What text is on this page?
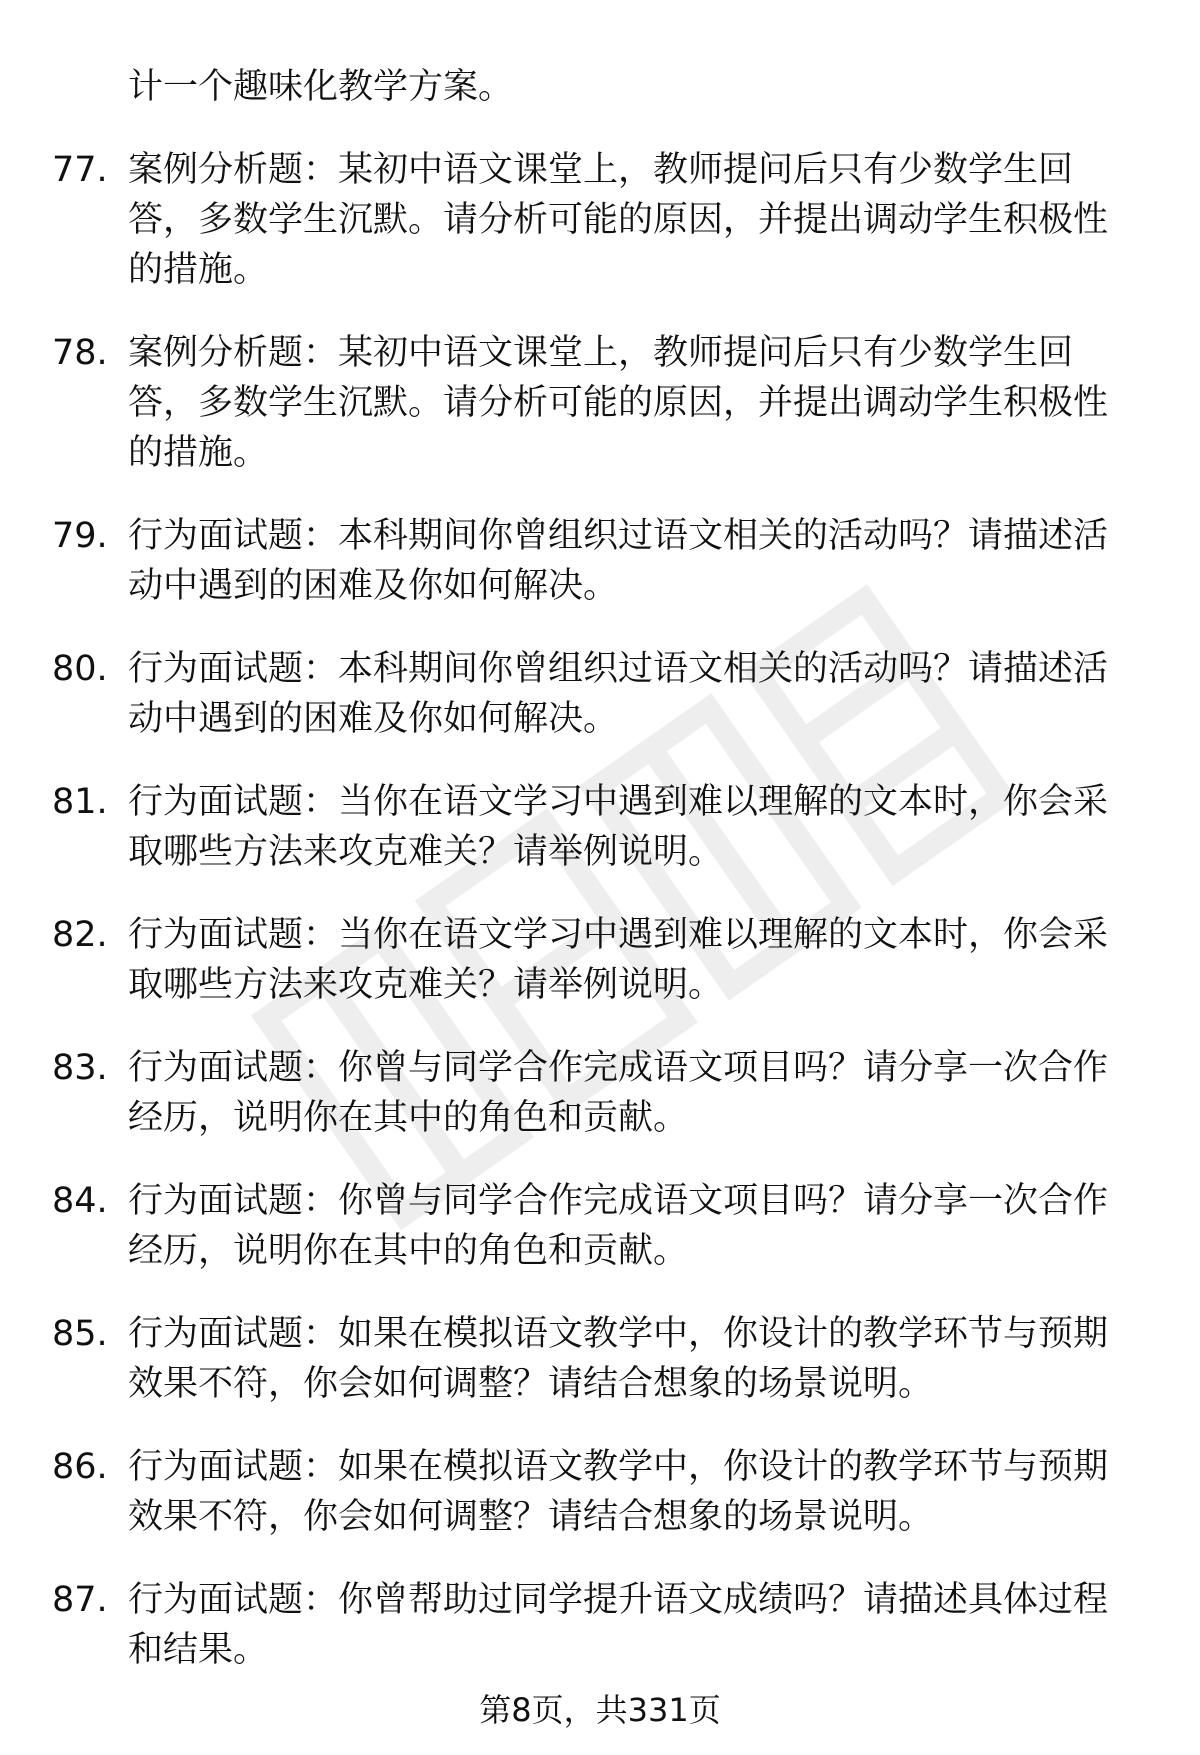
计一个趣味化教学方案。
77. 案例分析题：某初中语文课堂上，教师提问后只有少数学生回答，多数学生沉默。请分析可能的原因，并提出调动学生积极性的措施。
78. 案例分析题：某初中语文课堂上，教师提问后只有少数学生回答，多数学生沉默。请分析可能的原因，并提出调动学生积极性的措施。
79. 行为面试题：本科期间你曾组织过语文相关的活动吗？请描述活动中遇到的困难及你如何解决。
80. 行为面试题：本科期间你曾组织过语文相关的活动吗？请描述活动中遇到的困难及你如何解决。
81. 行为面试题：当你在语文学习中遇到难以理解的文本时，你会采取哪些方法来攻克难关？请举例说明。
82. 行为面试题：当你在语文学习中遇到难以理解的文本时，你会采取哪些方法来攻克难关？请举例说明。
83. 行为面试题：你曾与同学合作完成语文项目吗？请分享一次合作经历，说明你在其中的角色和贡献。
84. 行为面试题：你曾与同学合作完成语文项目吗？请分享一次合作经历，说明你在其中的角色和贡献。
85. 行为面试题：如果在模拟语文教学中，你设计的教学环节与预期效果不符，你会如何调整？请结合想象的场景说明。
86. 行为面试题：如果在模拟语文教学中，你设计的教学环节与预期效果不符，你会如何调整？请结合想象的场景说明。
87. 行为面试题：你曾帮助过同学提升语文成绩吗？请描述具体过程和结果。
第8页，共331页
